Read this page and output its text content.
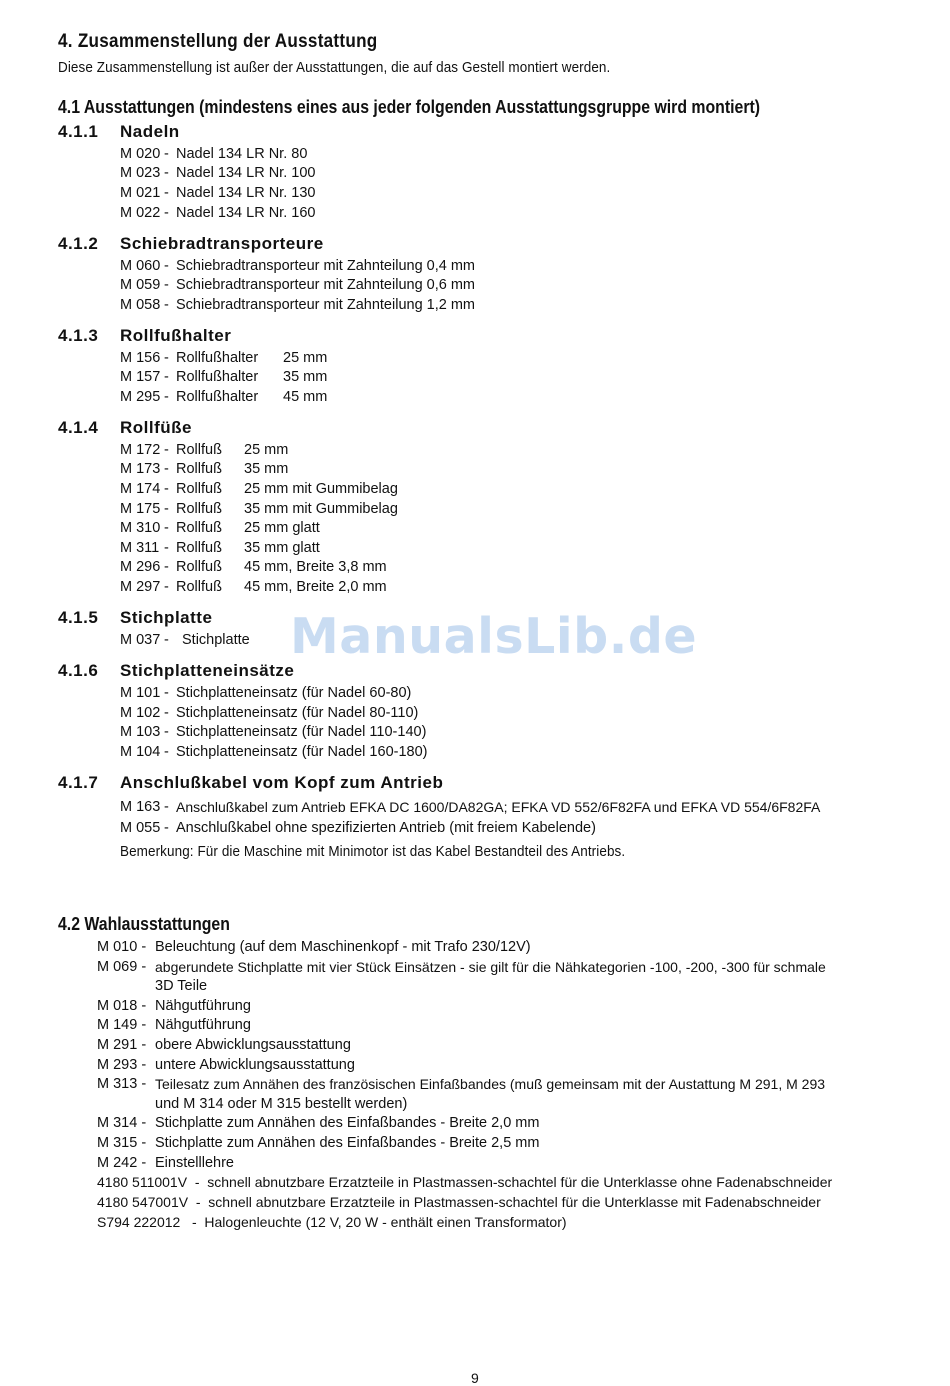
4. Zusammenstellung der Ausstattung
Diese Zusammenstellung ist außer der Ausstattungen, die auf das Gestell montiert werden.
4.1 Ausstattungen (mindestens eines aus jeder folgenden Ausstattungsgruppe wird montiert)
4.1.1 Nadeln
M 020 - Nadel 134 LR Nr. 80
M 023 - Nadel 134 LR Nr. 100
M 021 - Nadel 134 LR Nr. 130
M 022 - Nadel 134 LR Nr. 160
4.1.2 Schiebradtransporteure
M 060 - Schiebradtransporteur mit Zahnteilung 0,4 mm
M 059 - Schiebradtransporteur mit Zahnteilung 0,6 mm
M 058 - Schiebradtransporteur mit Zahnteilung 1,2 mm
4.1.3 Rollfußhalter
M 156 - Rollfußhalter 25 mm
M 157 - Rollfußhalter 35 mm
M 295 - Rollfußhalter 45 mm
4.1.4 Rollfüße
M 172 - Rollfuß 25 mm
M 173 - Rollfuß 35 mm
M 174 - Rollfuß 25 mm mit Gummibelag
M 175 - Rollfuß 35 mm mit Gummibelag
M 310 - Rollfuß 25 mm glatt
M 311 - Rollfuß 35 mm glatt
M 296 - Rollfuß 45 mm, Breite 3,8 mm
M 297 - Rollfuß 45 mm, Breite 2,0 mm
4.1.5 Stichplatte
M 037 - Stichplatte
4.1.6 Stichplatteneinsätze
M 101 - Stichplatteneinsatz (für Nadel 60-80)
M 102 - Stichplatteneinsatz (für Nadel 80-110)
M 103 - Stichplatteneinsatz (für Nadel 110-140)
M 104 - Stichplatteneinsatz (für Nadel 160-180)
4.1.7 Anschlußkabel vom Kopf zum Antrieb
M 163 - Anschlußkabel zum Antrieb EFKA DC 1600/DA82GA; EFKA VD 552/6F82FA und EFKA VD 554/6F82FA
M 055 - Anschlußkabel ohne spezifizierten Antrieb (mit freiem Kabelende)
Bemerkung: Für die Maschine mit Minimotor ist das Kabel Bestandteil des Antriebs.
4.2 Wahlausstattungen
M 010 - Beleuchtung (auf dem Maschinenkopf - mit Trafo 230/12V)
M 069 - abgerundete Stichplatte mit vier Stück Einsätzen - sie gilt für die Nähkategorien -100, -200, -300 für schmale
3D Teile
M 018 - Nähgutführung
M 149 - Nähgutführung
M 291 - obere Abwicklungsausstattung
M 293 - untere Abwicklungsausstattung
M 313 - Teilesatz zum Annähen des französischen Einfaßbandes (muß gemeinsam mit der Austattung M 291, M 293
und M 314 oder M 315 bestellt werden)
M 314 - Stichplatte zum Annähen des Einfaßbandes - Breite 2,0 mm
M 315 - Stichplatte zum Annähen des Einfaßbandes - Breite 2,5 mm
M 242 - Einstelllehre
4180 511001V  -  schnell abnutzbare Erzatzteile in Plastmassen-schachtel für die Unterklasse ohne Fadenabschneider
4180 547001V  -  schnell abnutzbare Erzatzteile in Plastmassen-schachtel für die Unterklasse mit Fadenabschneider
S794 222012   -  Halogenleuchte (12 V, 20 W - enthält einen Transformator)
ManualsLib.de
9
